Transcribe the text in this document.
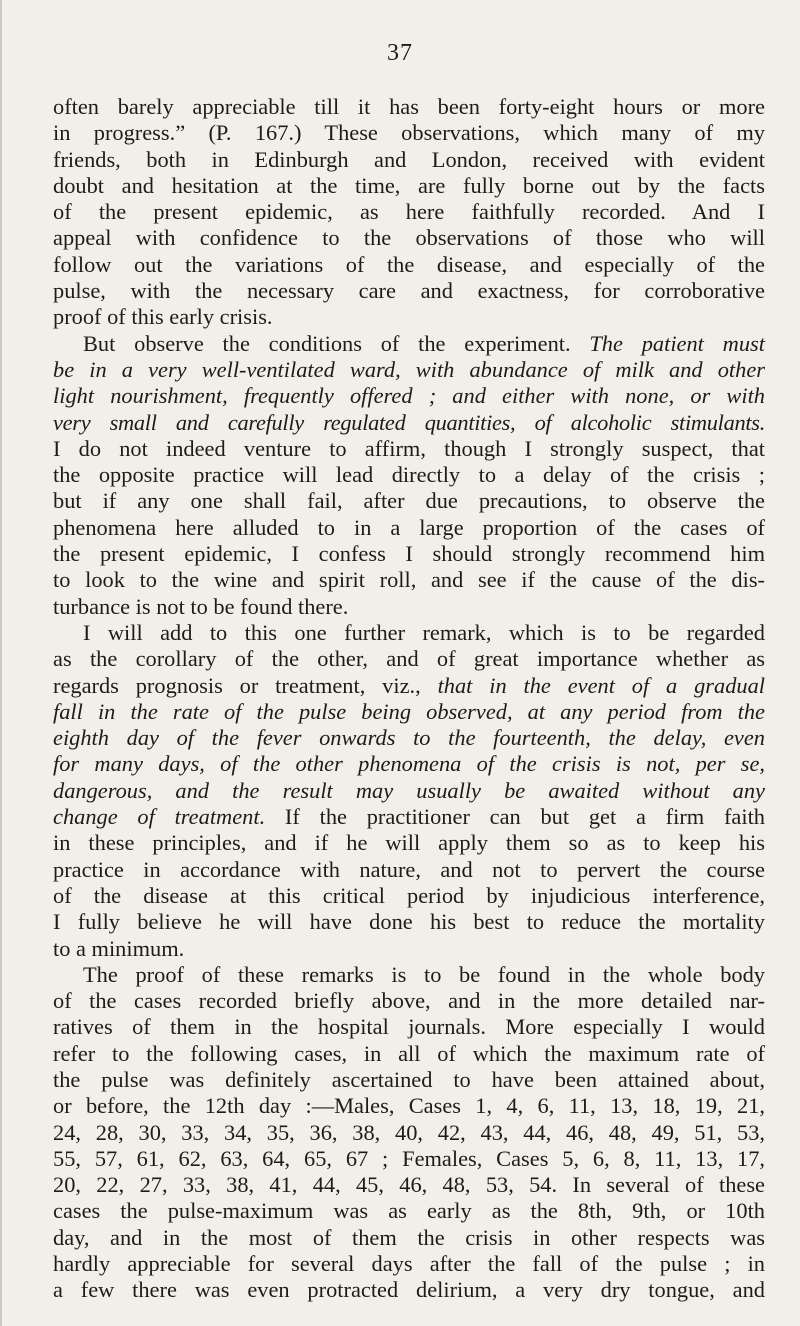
37
often barely appreciable till it has been forty-eight hours or more
in progress.” (P. 167.) These observations, which many of my
friends, both in Edinburgh and London, received with evident
doubt and hesitation at the time, are fully borne out by the facts
of the present epidemic, as here faithfully recorded. And I
appeal with confidence to the observations of those who will
follow out the variations of the disease, and especially of the
pulse, with the necessary care and exactness, for corroborative
proof of this early crisis.
But observe the conditions of the experiment. The patient must
be in a very well-ventilated ward, with abundance of milk and other
light nourishment, frequently offered ; and either with none, or with
very small and carefully regulated quantities, of alcoholic stimulants.
I do not indeed venture to affirm, though I strongly suspect, that
the opposite practice will lead directly to a delay of the crisis ;
but if any one shall fail, after due precautions, to observe the
phenomena here alluded to in a large proportion of the cases of
the present epidemic, I confess I should strongly recommend him
to look to the wine and spirit roll, and see if the cause of the dis-
turbance is not to be found there.
I will add to this one further remark, which is to be regarded
as the corollary of the other, and of great importance whether as
regards prognosis or treatment, viz., that in the event of a gradual
fall in the rate of the pulse being observed, at any period from the
eighth day of the fever onwards to the fourteenth, the delay, even
for many days, of the other phenomena of the crisis is not, per se,
dangerous, and the result may usually be awaited without any
change of treatment. If the practitioner can but get a firm faith
in these principles, and if he will apply them so as to keep his
practice in accordance with nature, and not to pervert the course
of the disease at this critical period by injudicious interference,
I fully believe he will have done his best to reduce the mortality
to a minimum.
The proof of these remarks is to be found in the whole body
of the cases recorded briefly above, and in the more detailed nar-
ratives of them in the hospital journals. More especially I would
refer to the following cases, in all of which the maximum rate of
the pulse was definitely ascertained to have been attained about,
or before, the 12th day :—Males, Cases 1, 4, 6, 11, 13, 18, 19, 21,
24, 28, 30, 33, 34, 35, 36, 38, 40, 42, 43, 44, 46, 48, 49, 51, 53,
55, 57, 61, 62, 63, 64, 65, 67 ; Females, Cases 5, 6, 8, 11, 13, 17,
20, 22, 27, 33, 38, 41, 44, 45, 46, 48, 53, 54. In several of these
cases the pulse-maximum was as early as the 8th, 9th, or 10th
day, and in the most of them the crisis in other respects was
hardly appreciable for several days after the fall of the pulse ; in
a few there was even protracted delirium, a very dry tongue, and
